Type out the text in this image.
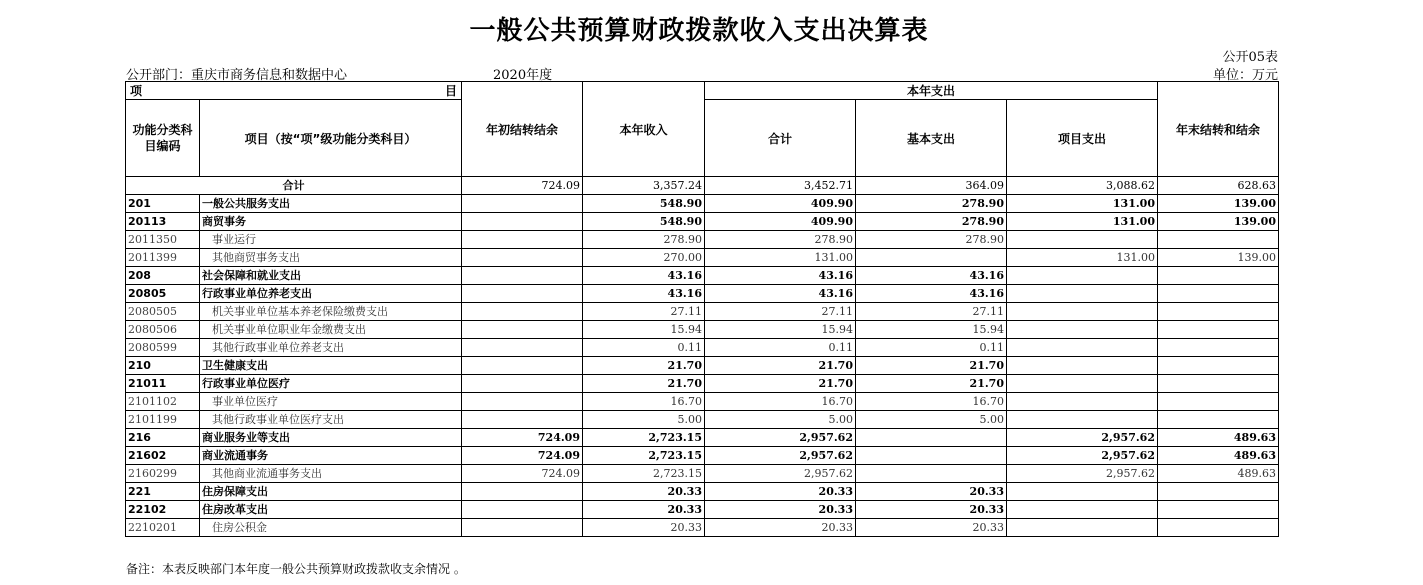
一般公共预算财政拨款收入支出决算表
公开05表
公开部门：重庆市商务信息和数据中心	2020年度	单位：万元
项 目		年初结转结余	本年收入	本年支出			年末结转和结余
功能分类科目编码	项目（按“项”级功能分类科目）			合计	基本支出	项目支出	
合计		724.09	3,357.24	3,452.71	364.09	3,088.62	628.63
201	一般公共服务支出		548.90	409.90	278.90	131.00	139.00
20113	商贸事务		548.90	409.90	278.90	131.00	139.00
2011350	事业运行		278.90	278.90	278.90		
2011399	其他商贸事务支出		270.00	131.00		131.00	139.00
208	社会保障和就业支出		43.16	43.16	43.16		
20805	行政事业单位养老支出		43.16	43.16	43.16		
2080505	机关事业单位基本养老保险缴费支出		27.11	27.11	27.11		
2080506	机关事业单位职业年金缴费支出		15.94	15.94	15.94		
2080599	其他行政事业单位养老支出		0.11	0.11	0.11		
210	卫生健康支出		21.70	21.70	21.70		
21011	行政事业单位医疗		21.70	21.70	21.70		
2101102	事业单位医疗		16.70	16.70	16.70		
2101199	其他行政事业单位医疗支出		5.00	5.00	5.00		
216	商业服务业等支出	724.09	2,723.15	2,957.62		2,957.62	489.63
21602	商业流通事务	724.09	2,723.15	2,957.62		2,957.62	489.63
2160299	其他商业流通事务支出	724.09	2,723.15	2,957.62		2,957.62	489.63
221	住房保障支出		20.33	20.33	20.33		
22102	住房改革支出		20.33	20.33	20.33		
2210201	住房公积金		20.33	20.33	20.33		
备注：本表反映部门本年度一般公共预算财政拨款收支余情况 。
